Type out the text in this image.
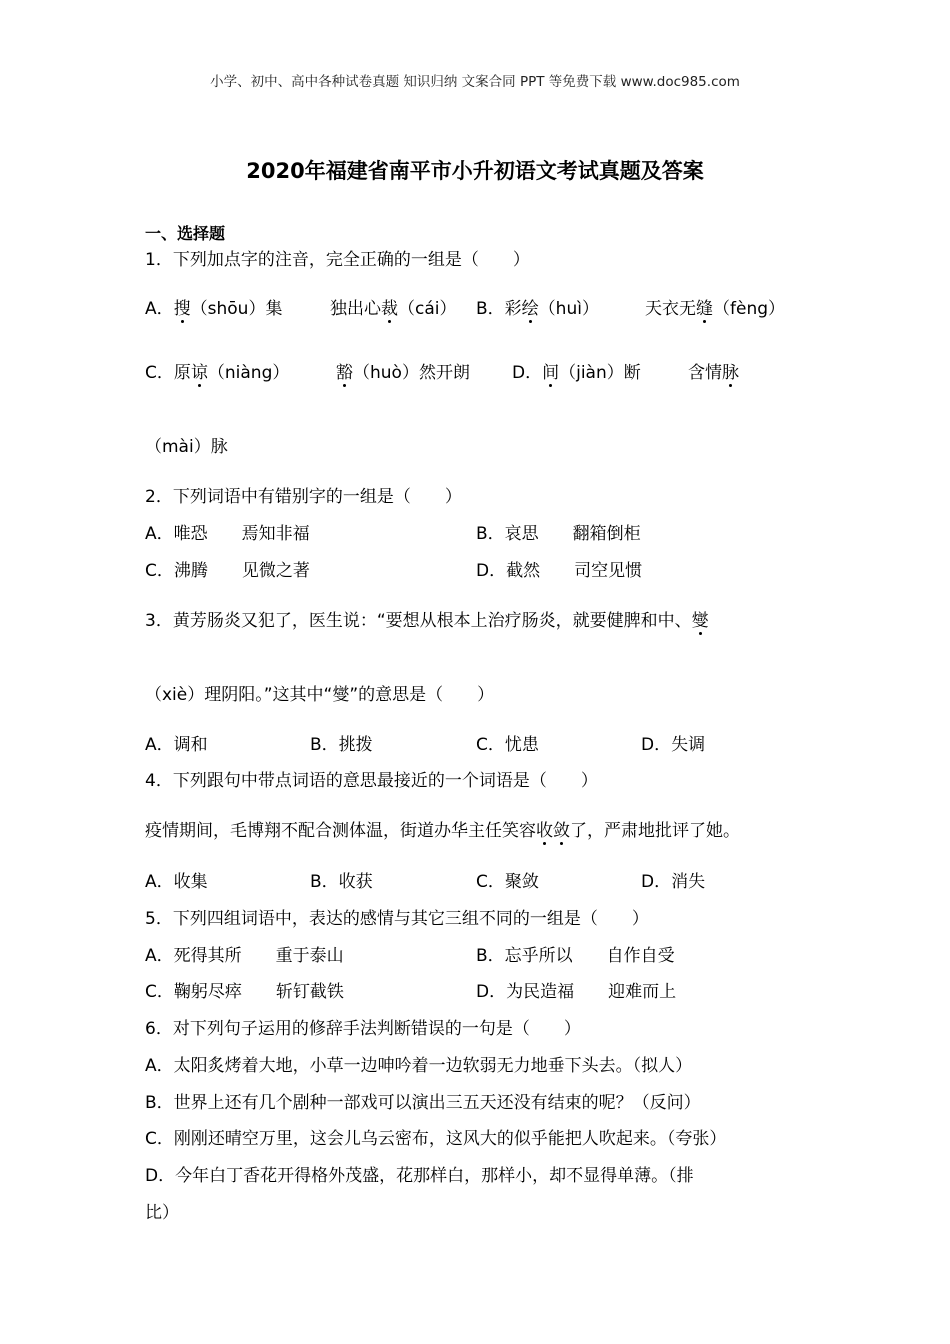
小学、初中、高中各种试卷真题 知识归纳 文案合同 PPT 等免费下载 www.doc985.com
2020年福建省南平市小升初语文考试真题及答案
一、选择题
1．下列加点字的注音，完全正确的一组是（　　）
A．搜（shōu）集	独出心裁（cái） B．彩绘（huì）	天衣无缝（fèng）
C．原谅（niàng）	豁（huò）然开朗 D．间（jiàn）断	含情脉
（mài）脉
2．下列词语中有错别字的一组是（　　）
A．唯恐　　焉知非福	B．哀思　　翻箱倒柜
C．沸腾　　见微之著	D．截然　　司空见惯
3．黄芳肠炎又犯了，医生说：“要想从根本上治疗肠炎，就要健脾和中、燮
（xiè）理阴阳。”这其中“燮”的意思是（　　）
A．调和	B．挑拨	C．忧患	D．失调
4．下列跟句中带点词语的意思最接近的一个词语是（　　）
疫情期间，毛博翔不配合测体温，街道办华主任笑容收敛了，严肃地批评了她。
A．收集	B．收获	C．聚敛	D．消失
5．下列四组词语中，表达的感情与其它三组不同的一组是（　　）
A．死得其所　　重于泰山	B．忘乎所以　　自作自受
C．鞠躬尽瘁　　斩钉截铁	D．为民造福　　迎难而上
6．对下列句子运用的修辞手法判断错误的一句是（　　）
A．太阳炙烤着大地，小草一边呻吟着一边软弱无力地垂下头去。（拟人）
B．世界上还有几个剧种一部戏可以演出三五天还没有结束的呢？（反问）
C．刚刚还晴空万里，这会儿乌云密布，这风大的似乎能把人吹起来。（夸张）
D．今年白丁香花开得格外茂盛，花那样白，那样小，却不显得单薄。（排
比）
